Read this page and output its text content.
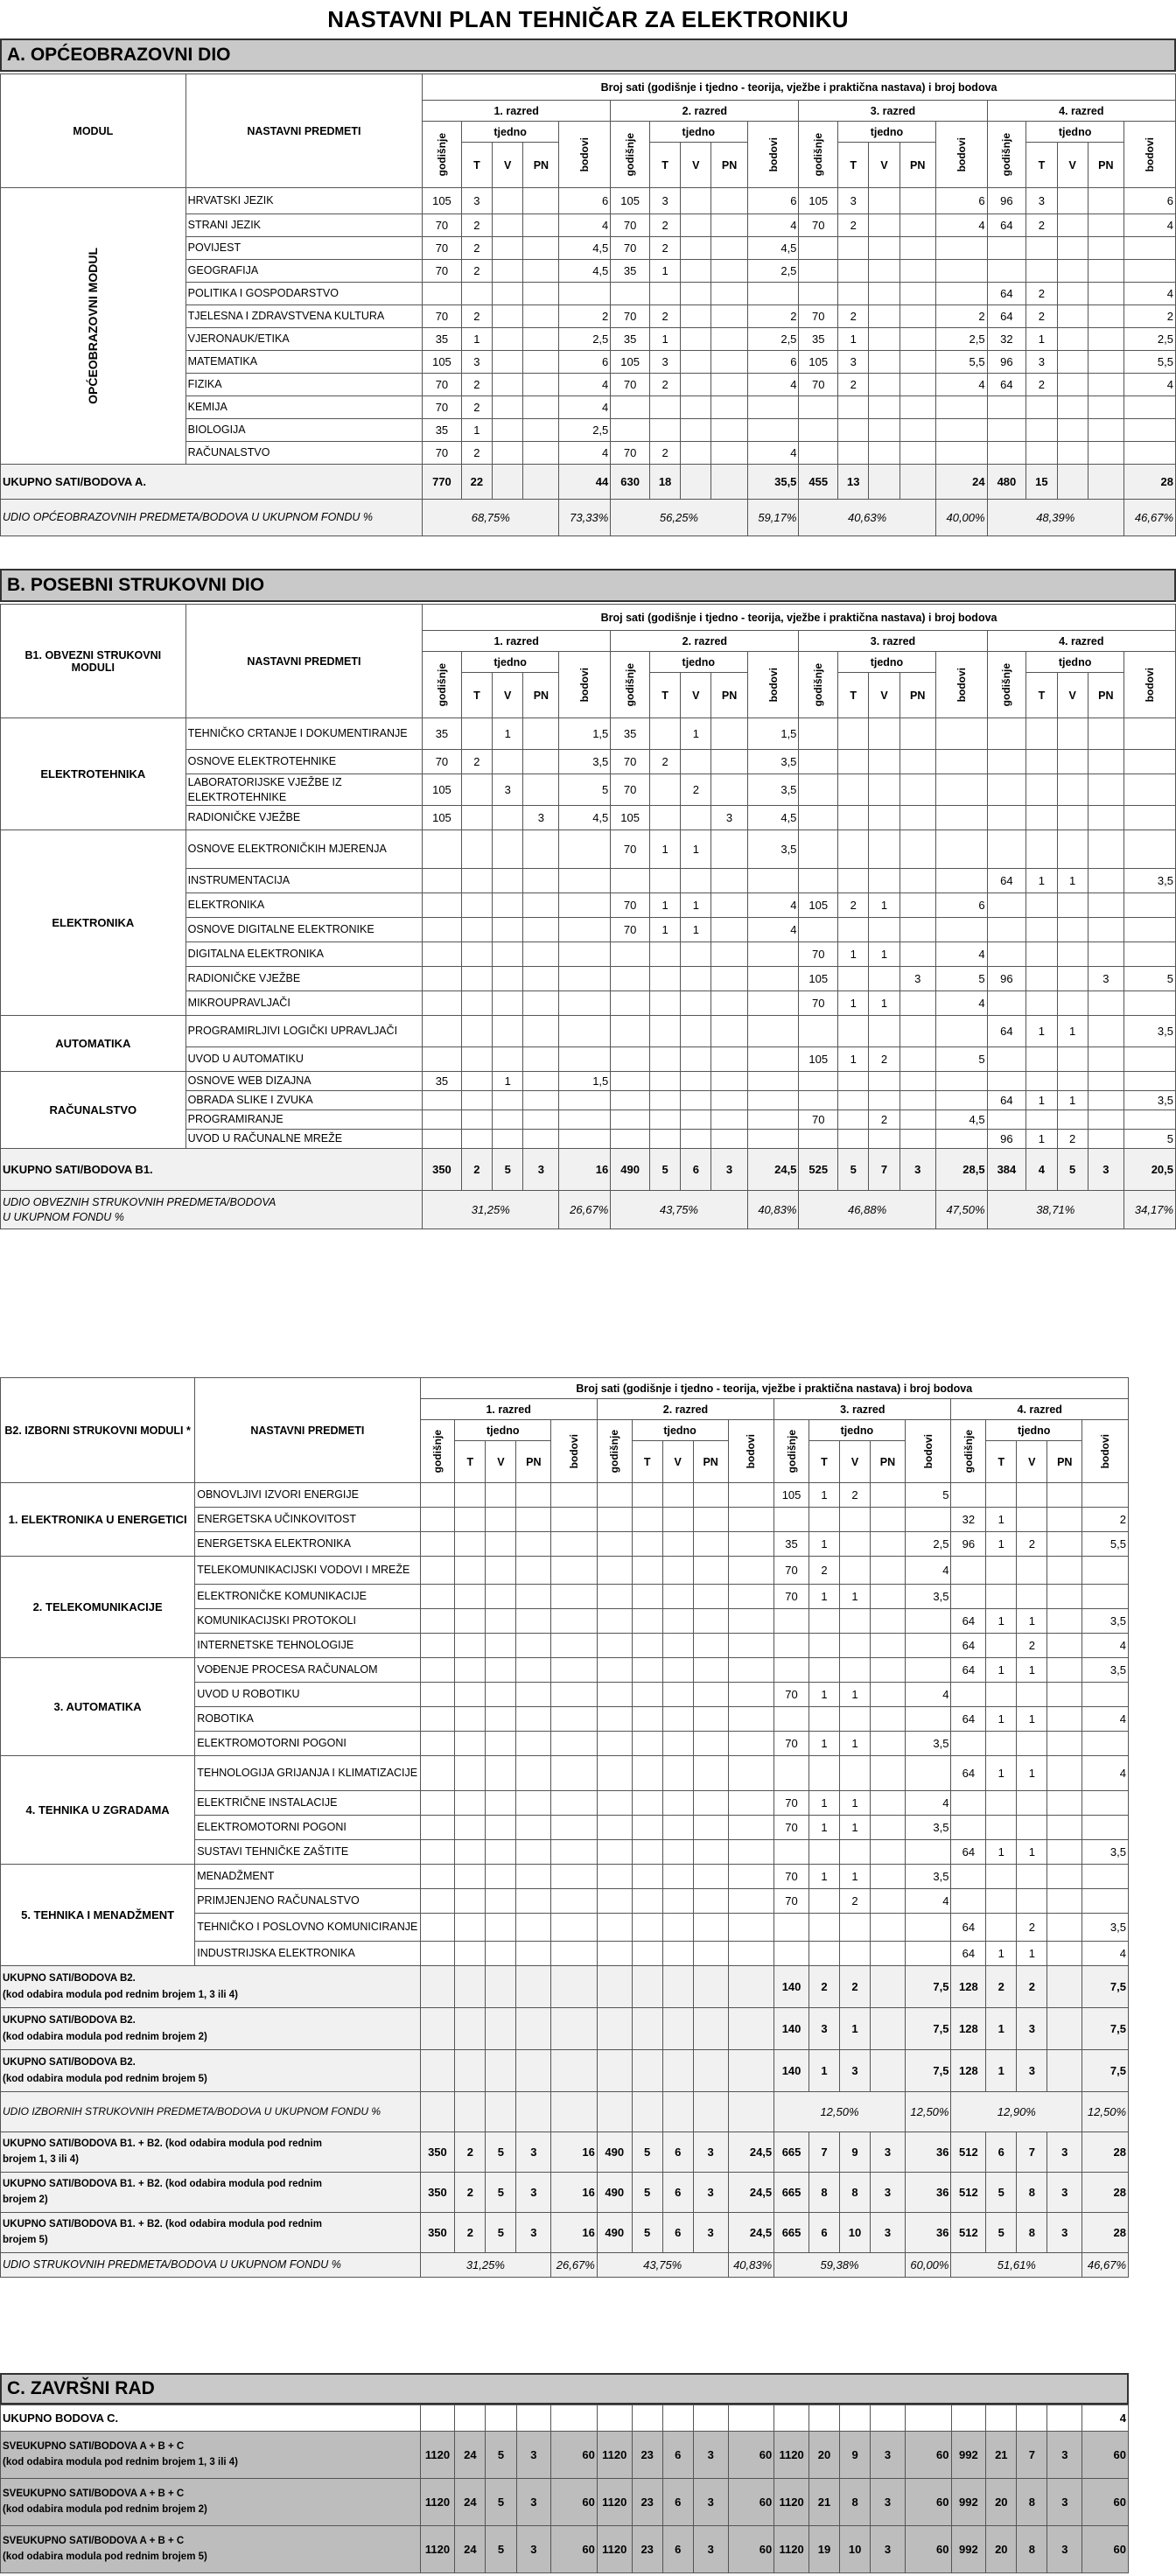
NASTAVNI PLAN TEHNIČAR ZA ELEKTRONIKU
A. OPĆEOBRAZOVNI DIO
B. POSEBNI STRUKOVNI DIO
C. ZAVRŠNI RAD
MODUL	NASTAVNI PREDMETI	Broj sati (godišnje i tjedno - teorija, vježbe i praktična nastava) i broj bodova																			
		1. razred					2. razred					3. razred					4. razred				

		godišnje	tjedno			bodovi	godišnje	tjedno			bodovi	godišnje	tjedno			bodovi	godišnje	tjedno			bodovi

			T	V	PN			T	V	PN			T	V	PN			T	V	PN	

OPĆEOBRAZOVNI MODUL	HRVATSKI JEZIK	105	3			6	105	3			6	105	3			6	96	3			6
	STRANI JEZIK	70	2			4	70	2			4	70	2			4	64	2			4
	POVIJEST	70	2			4,5	70	2			4,5										
	GEOGRAFIJA	70	2			4,5	35	1			2,5										
	POLITIKA I GOSPODARSTVO																64	2			4
	TJELESNA I ZDRAVSTVENA KULTURA	70	2			2	70	2			2	70	2			2	64	2			2
	VJERONAUK/ETIKA	35	1			2,5	35	1			2,5	35	1			2,5	32	1			2,5
	MATEMATIKA	105	3			6	105	3			6	105	3			5,5	96	3			5,5
	FIZIKA	70	2			4	70	2			4	70	2			4	64	2			4
	KEMIJA	70	2			4															
	BIOLOGIJA	35	1			2,5															
	RAČUNALSTVO	70	2			4	70	2			4										
UKUPNO SATI/BODOVA A.		770	22			44	630	18			35,5	455	13			24	480	15			28
UDIO OPĆEOBRAZOVNIH PREDMETA/BODOVA U UKUPNOM FONDU %		68,75%				73,33%	56,25%				59,17%	40,63%				40,00%	48,39%				46,67%
B1. OBVEZNI STRUKOVNI MODULI	NASTAVNI PREDMETI	Broj sati (godišnje i tjedno - teorija, vježbe i praktična nastava) i broj bodova																			
		1. razred					2. razred					3. razred					4. razred				

		godišnje	tjedno			bodovi	godišnje	tjedno			bodovi	godišnje	tjedno			bodovi	godišnje	tjedno			bodovi

			T	V	PN			T	V	PN			T	V	PN			T	V	PN	
ELEKTROTEHNIKA	TEHNIČKO CRTANJE I DOKUMENTIRANJE	35		1		1,5	35		1		1,5										
	OSNOVE ELEKTROTEHNIKE	70	2			3,5	70	2			3,5										
	LABORATORIJSKE VJEŽBE IZ ELEKTROTEHNIKE	105		3		5	70		2		3,5										
	RADIONIČKE VJEŽBE	105			3	4,5	105			3	4,5										
ELEKTRONIKA	OSNOVE ELEKTRONIČKIH MJERENJA						70	1	1		3,5										
	INSTRUMENTACIJA																64	1	1		3,5
	ELEKTRONIKA						70	1	1		4	105	2	1		6					
	OSNOVE DIGITALNE ELEKTRONIKE						70	1	1		4										
	DIGITALNA ELEKTRONIKA											70	1	1		4					
	RADIONIČKE VJEŽBE											105			3	5	96			3	5
	MIKROUPRAVLJAČI											70	1	1		4					
AUTOMATIKA	PROGRAMIRLJIVI LOGIČKI UPRAVLJAČI																64	1	1		3,5
	UVOD U AUTOMATIKU											105	1	2		5					
RAČUNALSTVO	OSNOVE WEB DIZAJNA	35		1		1,5															
	OBRADA SLIKE I ZVUKA																64	1	1		3,5
	PROGRAMIRANJE											70		2		4,5					
	UVOD U RAČUNALNE MREŽE																96	1	2		5
UKUPNO SATI/BODOVA B1.		350	2	5	3	16	490	5	6	3	24,5	525	5	7	3	28,5	384	4	5	3	20,5

UDIO OBVEZNIH STRUKOVNIH PREDMETA/BODOVA
U UKUPNOM FONDU %		31,25%				26,67%	43,75%				40,83%	46,88%				47,50%	38,71%				34,17%
B2. IZBORNI STRUKOVNI MODULI *	NASTAVNI PREDMETI	Broj sati (godišnje i tjedno - teorija, vježbe i praktična nastava) i broj bodova																			
		1. razred					2. razred					3. razred					4. razred				

		godišnje	tjedno			bodovi	godišnje	tjedno			bodovi	godišnje	tjedno			bodovi	godišnje	tjedno			bodovi

			T	V	PN			T	V	PN			T	V	PN			T	V	PN	
1. ELEKTRONIKA U ENERGETICI	OBNOVLJIVI IZVORI ENERGIJE											105	1	2		5					
	ENERGETSKA UČINKOVITOST																32	1			2
	ENERGETSKA ELEKTRONIKA											35	1			2,5	96	1	2		5,5
2. TELEKOMUNIKACIJE	TELEKOMUNIKACIJSKI VODOVI I MREŽE											70	2			4					
	ELEKTRONIČKE KOMUNIKACIJE											70	1	1		3,5					
	KOMUNIKACIJSKI PROTOKOLI																64	1	1		3,5
	INTERNETSKE TEHNOLOGIJE																64		2		4
3. AUTOMATIKA	VOĐENJE PROCESA RAČUNALOM																64	1	1		3,5
	UVOD U ROBOTIKU											70	1	1		4					
	ROBOTIKA																64	1	1		4
	ELEKTROMOTORNI POGONI											70	1	1		3,5					
4. TEHNIKA U ZGRADAMA	TEHNOLOGIJA GRIJANJA I KLIMATIZACIJE																64	1	1		4
	ELEKTRIČNE INSTALACIJE											70	1	1		4					
	ELEKTROMOTORNI POGONI											70	1	1		3,5					
	SUSTAVI TEHNIČKE ZAŠTITE																64	1	1		3,5
5. TEHNIKA I MENADŽMENT	MENADŽMENT											70	1	1		3,5					
	PRIMJENJENO RAČUNALSTVO											70		2		4					
	TEHNIČKO I POSLOVNO KOMUNICIRANJE																64		2		3,5
	INDUSTRIJSKA ELEKTRONIKA																64	1	1		4

UKUPNO SATI/BODOVA B2.
(kod odabira modula pod rednim brojem 1, 3 ili 4)												140	2	2		7,5	128	2	2		7,5

UKUPNO SATI/BODOVA B2.
(kod odabira modula pod rednim brojem 2)												140	3	1		7,5	128	1	3		7,5

UKUPNO SATI/BODOVA B2.
(kod odabira modula pod rednim brojem 5)												140	1	3		7,5	128	1	3		7,5
UDIO IZBORNIH STRUKOVNIH PREDMETA/BODOVA U UKUPNOM FONDU %												12,50%				12,50%	12,90%				12,50%

UKUPNO SATI/BODOVA B1. + B2. (kod odabira modula pod rednim
brojem 1, 3 ili 4)		350	2	5	3	16	490	5	6	3	24,5	665	7	9	3	36	512	6	7	3	28

UKUPNO SATI/BODOVA B1. + B2. (kod odabira modula pod rednim
brojem 2)		350	2	5	3	16	490	5	6	3	24,5	665	8	8	3	36	512	5	8	3	28

UKUPNO SATI/BODOVA B1. + B2. (kod odabira modula pod rednim
brojem 5)		350	2	5	3	16	490	5	6	3	24,5	665	6	10	3	36	512	5	8	3	28
UDIO STRUKOVNIH PREDMETA/BODOVA U UKUPNOM FONDU %		31,25%				26,67%	43,75%				40,83%	59,38%				60,00%	51,61%				46,67%
UKUPNO BODOVA C.																				4

SVEUKUPNO SATI/BODOVA A + B + C
(kod odabira modula pod rednim brojem 1, 3 ili 4)	1120	24	5	3	60	1120	23	6	3	60	1120	20	9	3	60	992	21	7	3	60

SVEUKUPNO SATI/BODOVA A + B + C
(kod odabira modula pod rednim brojem 2)	1120	24	5	3	60	1120	23	6	3	60	1120	21	8	3	60	992	20	8	3	60

SVEUKUPNO SATI/BODOVA A + B + C
(kod odabira modula pod rednim brojem 5)	1120	24	5	3	60	1120	23	6	3	60	1120	19	10	3	60	992	20	8	3	60
